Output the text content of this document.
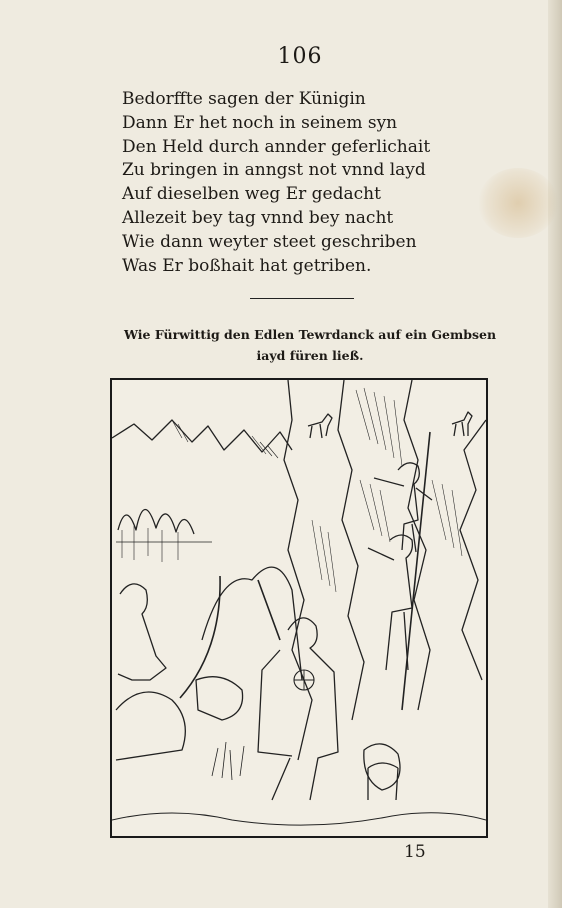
106
Bedorffte sagen der Künigin
Dann Er het noch in seinem syn
Den Held durch annder geferlichait
Zu bringen in anngst not vnnd layd
Auf dieselben weg Er gedacht
Allezeit bey tag vnnd bey nacht
Wie dann weyter steet geschriben
Was Er boßhait hat getriben.
Wie Fürwittig den Edlen Tewrdanck auf ein Gembsen
iayd füren ließ.
15
